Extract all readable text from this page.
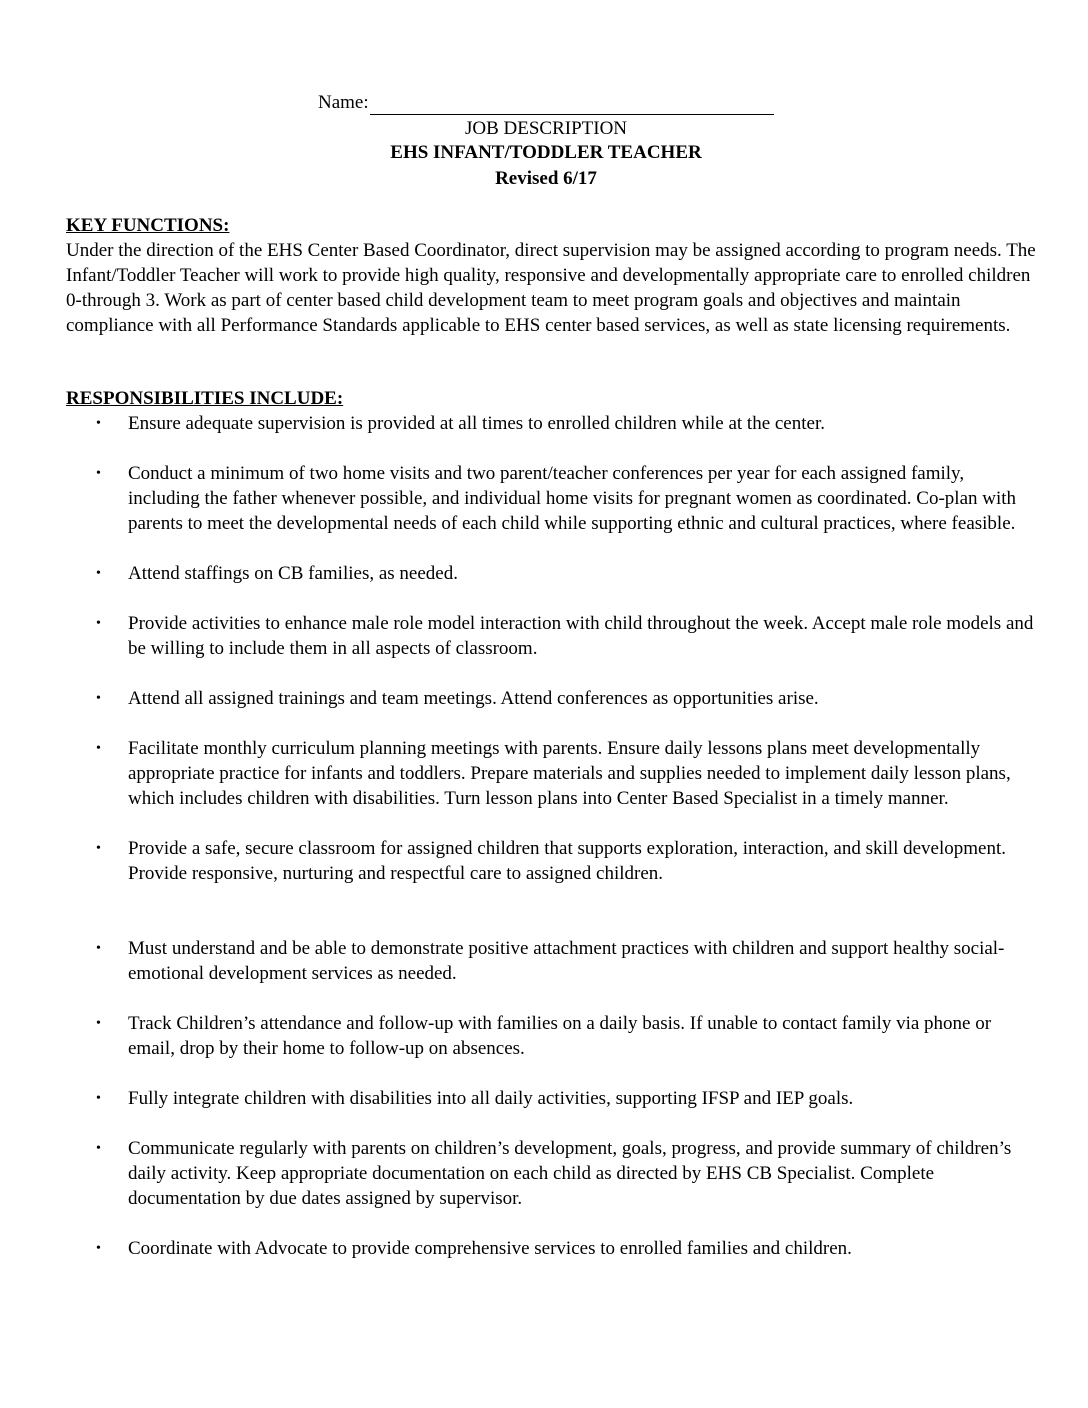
Name:
JOB DESCRIPTION
EHS INFANT/TODDLER TEACHER
Revised 6/17

KEY FUNCTIONS:

Under the direction of the EHS Center Based Coordinator, direct supervision may be assigned according to program needs. The Infant/Toddler Teacher will work to provide high quality, responsive and developmentally appropriate care to enrolled children 0-through 3. Work as part of center based child development team to meet program goals and objectives and maintain compliance with all Performance Standards applicable to EHS center based services, as well as state licensing requirements.

RESPONSIBILITIES INCLUDE:

• Ensure adequate supervision is provided at all times to enrolled children while at the center.
• Conduct a minimum of two home visits and two parent/teacher conferences per year for each assigned family, including the father whenever possible, and individual home visits for pregnant women as coordinated. Co-plan with parents to meet the developmental needs of each child while supporting ethnic and cultural practices, where feasible.
• Attend staffings on CB families, as needed.
• Provide activities to enhance male role model interaction with child throughout the week. Accept male role models and be willing to include them in all aspects of classroom.
• Attend all assigned trainings and team meetings. Attend conferences as opportunities arise.
• Facilitate monthly curriculum planning meetings with parents. Ensure daily lessons plans meet developmentally appropriate practice for infants and toddlers. Prepare materials and supplies needed to implement daily lesson plans, which includes children with disabilities. Turn lesson plans into Center Based Specialist in a timely manner.
• Provide a safe, secure classroom for assigned children that supports exploration, interaction, and skill development. Provide responsive, nurturing and respectful care to assigned children.
• Must understand and be able to demonstrate positive attachment practices with children and support healthy social-emotional development services as needed.
• Track Children’s attendance and follow-up with families on a daily basis. If unable to contact family via phone or email, drop by their home to follow-up on absences.
• Fully integrate children with disabilities into all daily activities, supporting IFSP and IEP goals.
• Communicate regularly with parents on children’s development, goals, progress, and provide summary of children’s daily activity. Keep appropriate documentation on each child as directed by EHS CB Specialist. Complete documentation by due dates assigned by supervisor.
• Coordinate with Advocate to provide comprehensive services to enrolled families and children.
